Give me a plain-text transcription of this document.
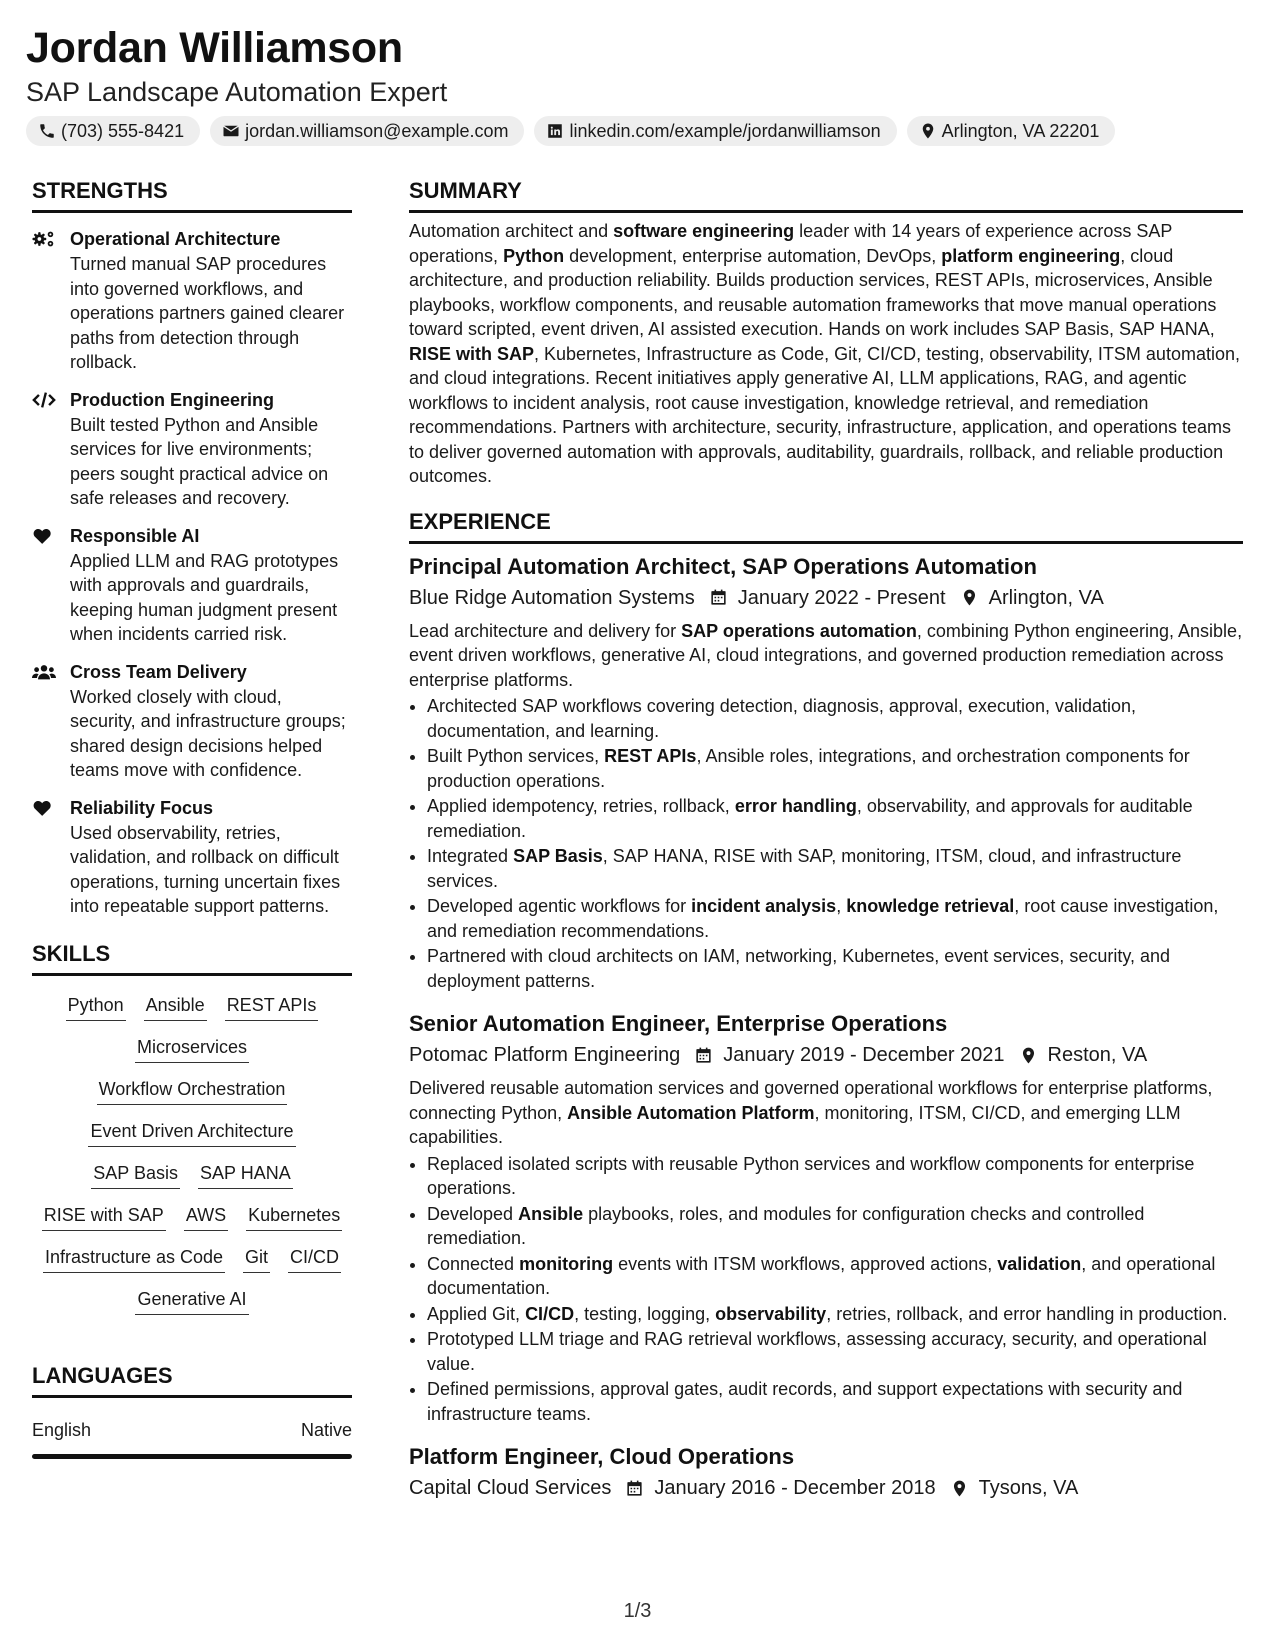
Jordan Williamson
SAP Landscape Automation Expert
(703) 555-8421	jordan.williamson@example.com	linkedin.com/example/jordanwilliamson	Arlington, VA 22201
STRENGTHS
Operational Architecture
Turned manual SAP procedures into governed workflows, and operations partners gained clearer paths from detection through rollback.
Production Engineering
Built tested Python and Ansible services for live environments; peers sought practical advice on safe releases and recovery.
Responsible AI
Applied LLM and RAG prototypes with approvals and guardrails, keeping human judgment present when incidents carried risk.
Cross Team Delivery
Worked closely with cloud, security, and infrastructure groups; shared design decisions helped teams move with confidence.
Reliability Focus
Used observability, retries, validation, and rollback on difficult operations, turning uncertain fixes into repeatable support patterns.
SKILLS
Python Ansible REST APIs
Microservices
Workflow Orchestration
Event Driven Architecture
SAP Basis SAP HANA
RISE with SAP AWS Kubernetes
Infrastructure as Code Git CI/CD
Generative AI
LANGUAGES
English	Native
SUMMARY
Automation architect and software engineering leader with 14 years of experience across SAP operations, Python development, enterprise automation, DevOps, platform engineering, cloud architecture, and production reliability. Builds production services, REST APIs, microservices, Ansible playbooks, workflow components, and reusable automation frameworks that move manual operations toward scripted, event driven, AI assisted execution. Hands on work includes SAP Basis, SAP HANA, RISE with SAP, Kubernetes, Infrastructure as Code, Git, CI/CD, testing, observability, ITSM automation, and cloud integrations. Recent initiatives apply generative AI, LLM applications, RAG, and agentic workflows to incident analysis, root cause investigation, knowledge retrieval, and remediation recommendations. Partners with architecture, security, infrastructure, application, and operations teams to deliver governed automation with approvals, auditability, guardrails, rollback, and reliable production outcomes.
EXPERIENCE
Principal Automation Architect, SAP Operations Automation
Blue Ridge Automation Systems January 2022 - Present Arlington, VA
Lead architecture and delivery for SAP operations automation, combining Python engineering, Ansible, event driven workflows, generative AI, cloud integrations, and governed production remediation across enterprise platforms.
• Architected SAP workflows covering detection, diagnosis, approval, execution, validation, documentation, and learning.
• Built Python services, REST APIs, Ansible roles, integrations, and orchestration components for production operations.
• Applied idempotency, retries, rollback, error handling, observability, and approvals for auditable remediation.
• Integrated SAP Basis, SAP HANA, RISE with SAP, monitoring, ITSM, cloud, and infrastructure services.
• Developed agentic workflows for incident analysis, knowledge retrieval, root cause investigation, and remediation recommendations.
• Partnered with cloud architects on IAM, networking, Kubernetes, event services, security, and deployment patterns.
Senior Automation Engineer, Enterprise Operations
Potomac Platform Engineering January 2019 - December 2021 Reston, VA
Delivered reusable automation services and governed operational workflows for enterprise platforms, connecting Python, Ansible Automation Platform, monitoring, ITSM, CI/CD, and emerging LLM capabilities.
• Replaced isolated scripts with reusable Python services and workflow components for enterprise operations.
• Developed Ansible playbooks, roles, and modules for configuration checks and controlled remediation.
• Connected monitoring events with ITSM workflows, approved actions, validation, and operational documentation.
• Applied Git, CI/CD, testing, logging, observability, retries, rollback, and error handling in production.
• Prototyped LLM triage and RAG retrieval workflows, assessing accuracy, security, and operational value.
• Defined permissions, approval gates, audit records, and support expectations with security and infrastructure teams.
Platform Engineer, Cloud Operations
Capital Cloud Services January 2016 - December 2018 Tysons, VA
1/3
